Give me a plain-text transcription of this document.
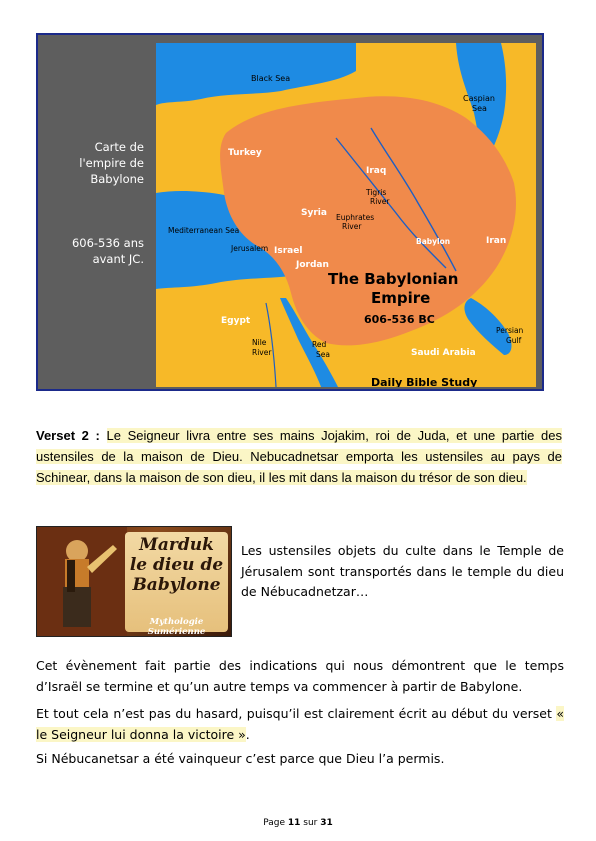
Carte de
l'empire de
Babylone
606-536 ans
avant JC.
Black Sea
Caspian
Sea
Turkey
Iraq
Tigris
River
Euphrates
River
Syria
Mediterranean Sea
Jerusalem Israel
Jordan
Babylon	Iran
The Babylonian
Empire
606-536 BC
Egypt
Nile
River
Red
Sea	Saudi Arabia
Persian
Gulf
Daily Bible Study
Verset 2 : Le Seigneur livra entre ses mains Jojakim, roi de Juda, et une partie des ustensiles de la maison de Dieu. Nebucadnetsar emporta les ustensiles au pays de Schinear, dans la maison de son dieu, il les mit dans la maison du trésor de son dieu.
Marduk
le dieu de
Babylone
Mythologie Sumérienne
Les ustensiles objets du culte dans le Temple de Jérusalem sont transportés dans le temple du dieu de Nébucadnetzar…
Cet évènement fait partie des indications qui nous démontrent que le temps d’Israël se termine et qu’un autre temps va commencer à partir de Babylone.
Et tout cela n’est pas du hasard, puisqu’il est clairement écrit au début du verset « le Seigneur lui donna la victoire ».
Si Nébucanetsar a été vainqueur c’est parce que Dieu l’a permis.
Page 11 sur 31
